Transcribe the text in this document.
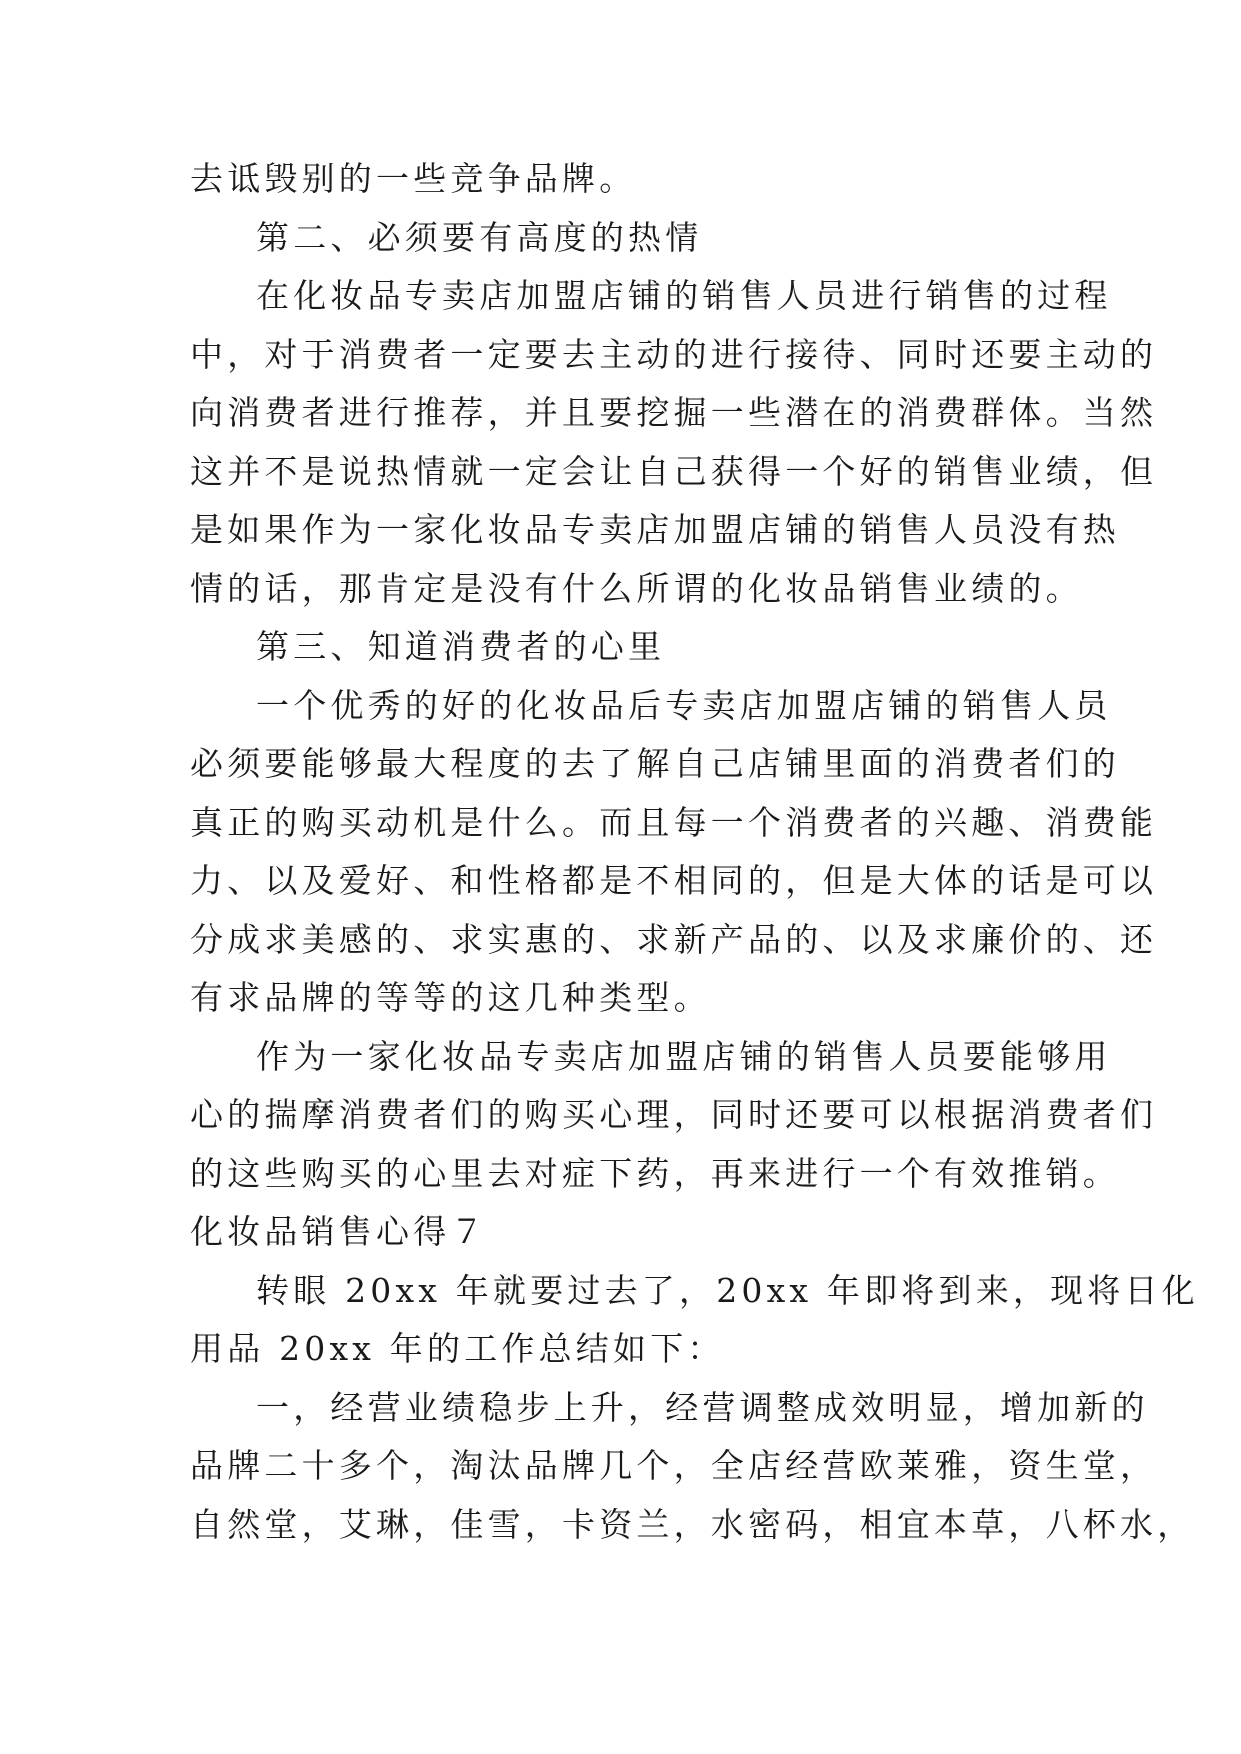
去诋毁别的一些竞争品牌。
第二、必须要有高度的热情
在化妆品专卖店加盟店铺的销售人员进行销售的过程
中，对于消费者一定要去主动的进行接待、同时还要主动的
向消费者进行推荐，并且要挖掘一些潜在的消费群体。当然
这并不是说热情就一定会让自己获得一个好的销售业绩，但
是如果作为一家化妆品专卖店加盟店铺的销售人员没有热
情的话，那肯定是没有什么所谓的化妆品销售业绩的。
第三、知道消费者的心里
一个优秀的好的化妆品后专卖店加盟店铺的销售人员
必须要能够最大程度的去了解自己店铺里面的消费者们的
真正的购买动机是什么。而且每一个消费者的兴趣、消费能
力、以及爱好、和性格都是不相同的，但是大体的话是可以
分成求美感的、求实惠的、求新产品的、以及求廉价的、还
有求品牌的等等的这几种类型。
作为一家化妆品专卖店加盟店铺的销售人员要能够用
心的揣摩消费者们的购买心理，同时还要可以根据消费者们
的这些购买的心里去对症下药，再来进行一个有效推销。
化妆品销售心得７
转眼 20xx 年就要过去了，20xx 年即将到来，现将日化
用品 20xx 年的工作总结如下：
一，经营业绩稳步上升，经营调整成效明显，增加新的
品牌二十多个，淘汰品牌几个，全店经营欧莱雅，资生堂，
自然堂，艾琳，佳雪，卡资兰，水密码，相宜本草，八杯水，
